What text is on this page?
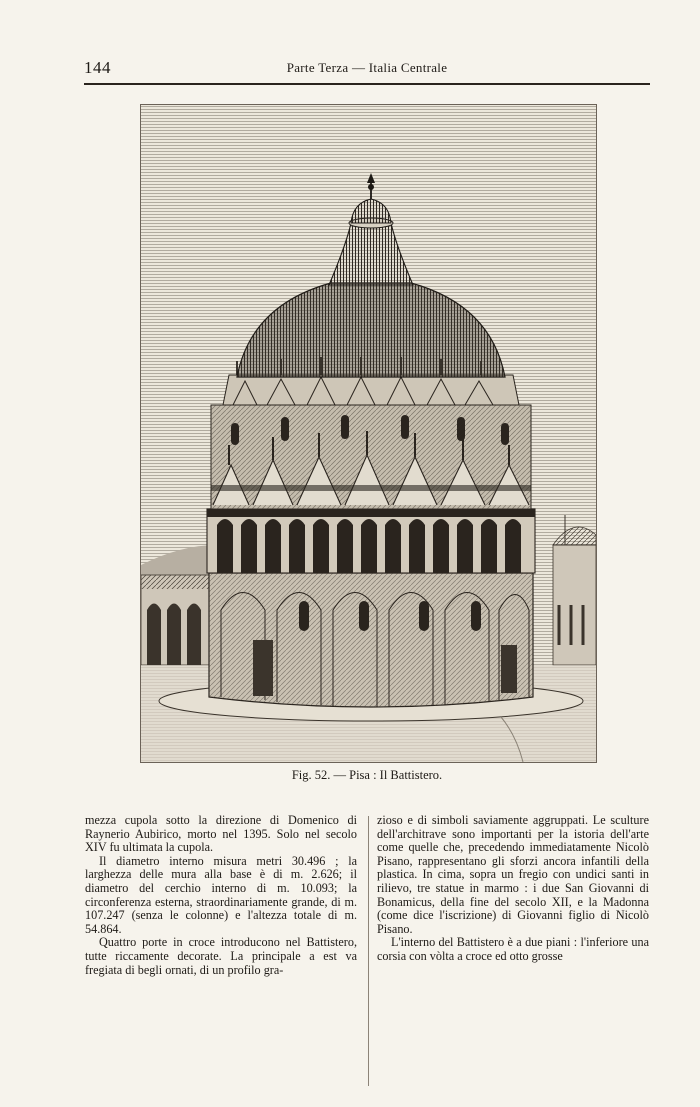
144	Parte Terza — Italia Centrale
Fig. 52. — Pisa : Il Battistero.

mezza cupola sotto la direzione di Domenico di Raynerio Aubirico, morto nel 1395. Solo nel secolo XIV fu ultimata la cupola.

Il diametro interno misura metri 30.496 ; la larghezza delle mura alla base è di m. 2.626; il diametro del cerchio interno di m. 10.093; la circonferenza esterna, straordinariamente grande, di m. 107.247 (senza le colonne) e l'altezza totale di m. 54.864.

Quattro porte in croce introducono nel Battistero, tutte riccamente decorate. La principale a est va fregiata di begli ornati, di un profilo gra-

zioso e di simboli saviamente aggruppati. Le sculture dell'architrave sono importanti per la istoria dell'arte come quelle che, precedendo immediatamente Nicolò Pisano, rappresentano gli sforzi ancora infantili della plastica. In cima, sopra un fregio con undici santi in rilievo, tre statue in marmo : i due San Giovanni di Bonamicus, della fine del secolo XII, e la Madonna (come dice l'iscrizione) di Giovanni figlio di Nicolò Pisano.

L'interno del Battistero è a due piani : l'inferiore una corsia con vòlta a croce ed otto grosse
